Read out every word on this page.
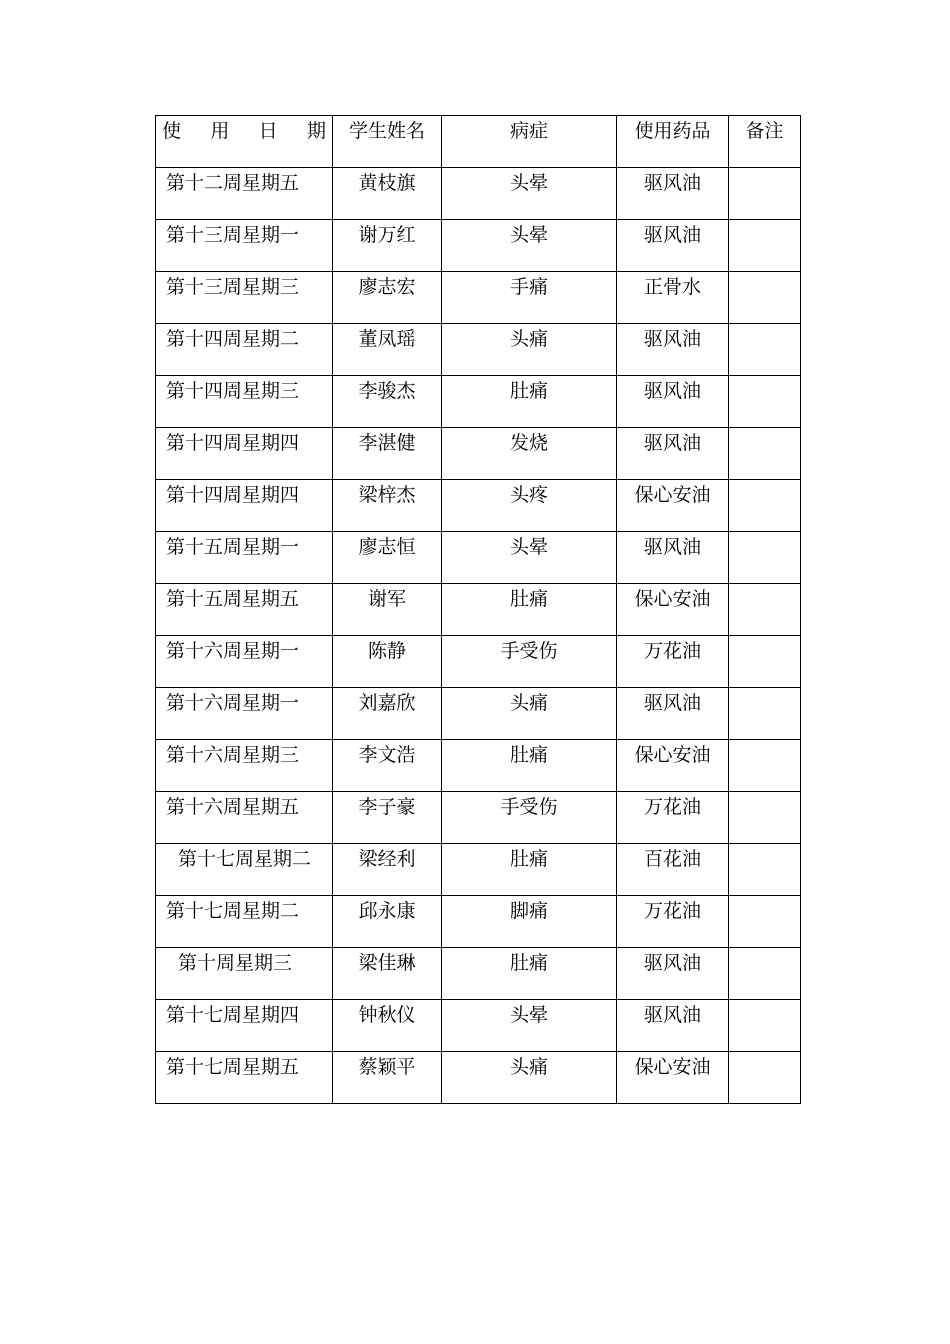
使 用 日 期	学生姓名	病症	使用药品	备注

第十二周星期五	黄枝旗	头晕	驱风油	

第十三周星期一	谢万红	头晕	驱风油	

第十三周星期三	廖志宏	手痛	正骨水	

第十四周星期二	董凤瑶	头痛	驱风油	

第十四周星期三	李骏杰	肚痛	驱风油	

第十四周星期四	李湛健	发烧	驱风油	

第十四周星期四	梁梓杰	头疼	保心安油	

第十五周星期一	廖志恒	头晕	驱风油	

第十五周星期五	谢军	肚痛	保心安油	

第十六周星期一	陈静	手受伤	万花油	

第十六周星期一	刘嘉欣	头痛	驱风油	

第十六周星期三	李文浩	肚痛	保心安油	

第十六周星期五	李子豪	手受伤	万花油	

第十七周星期二	梁经利	肚痛	百花油	

第十七周星期二	邱永康	脚痛	万花油	

第十周星期三	梁佳琳	肚痛	驱风油	

第十七周星期四	钟秋仪	头晕	驱风油	

第十七周星期五	蔡颖平	头痛	保心安油	
